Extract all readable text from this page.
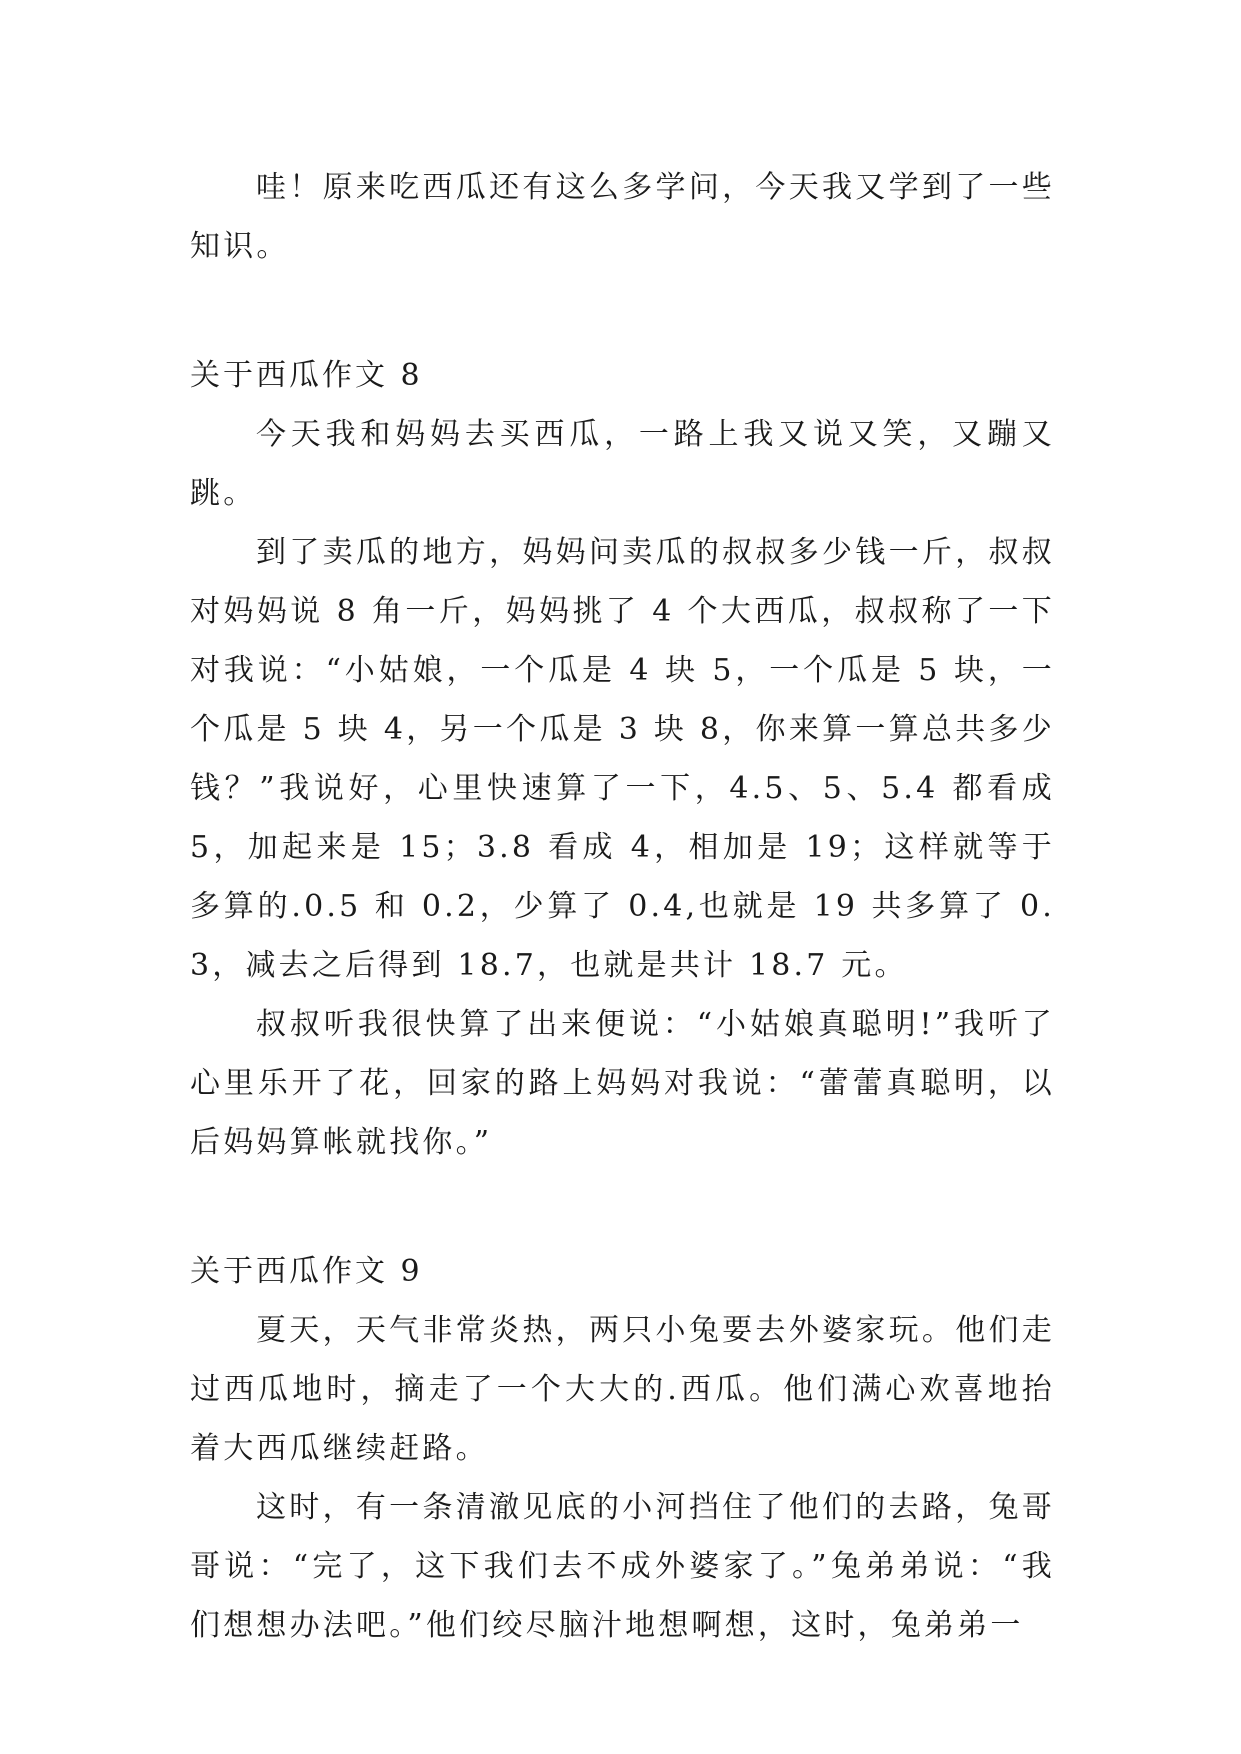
哇！原来吃西瓜还有这么多学问，今天我又学到了一些知识。

关于西瓜作文 8

今天我和妈妈去买西瓜，一路上我又说又笑，又蹦又跳。

到了卖瓜的地方，妈妈问卖瓜的叔叔多少钱一斤，叔叔对妈妈说 8 角一斤，妈妈挑了 4 个大西瓜，叔叔称了一下对我说：“小姑娘，一个瓜是 4 块 5，一个瓜是 5 块，一个瓜是 5 块 4，另一个瓜是 3 块 8，你来算一算总共多少钱？”我说好，心里快速算了一下，4.5、5、5.4 都看成 5，加起来是 15；3.8 看成 4，相加是 19；这样就等于多算的.0.5 和 0.2，少算了 0.4,也就是 19 共多算了 0.3，减去之后得到 18.7，也就是共计 18.7 元。

叔叔听我很快算了出来便说：“小姑娘真聪明!”我听了心里乐开了花，回家的路上妈妈对我说：“蕾蕾真聪明，以后妈妈算帐就找你。”

关于西瓜作文 9

夏天，天气非常炎热，两只小兔要去外婆家玩。他们走过西瓜地时，摘走了一个大大的.西瓜。他们满心欢喜地抬着大西瓜继续赶路。

这时，有一条清澈见底的小河挡住了他们的去路，兔哥哥说：“完了，这下我们去不成外婆家了。”兔弟弟说：“我们想想办法吧。”他们绞尽脑汁地想啊想，这时，兔弟弟一
